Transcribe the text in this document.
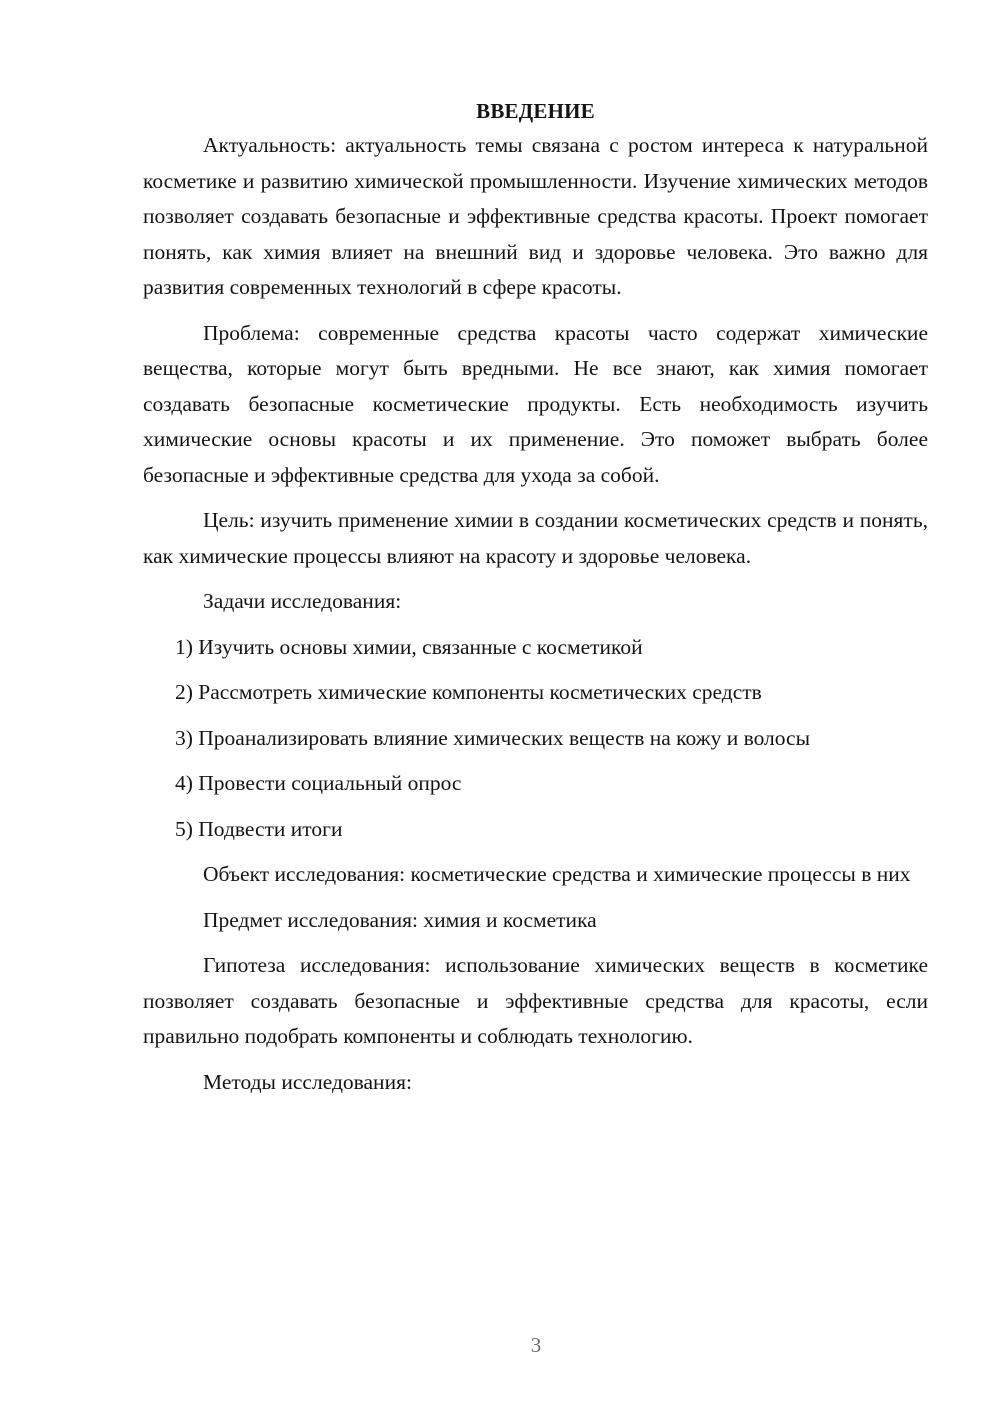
ВВЕДЕНИЕ

Актуальность: актуальность темы связана с ростом интереса к натуральной косметике и развитию химической промышленности. Изучение химических методов позволяет создавать безопасные и эффективные средства красоты. Проект помогает понять, как химия влияет на внешний вид и здоровье человека. Это важно для развития современных технологий в сфере красоты.

Проблема: современные средства красоты часто содержат химические вещества, которые могут быть вредными. Не все знают, как химия помогает создавать безопасные косметические продукты. Есть необходимость изучить химические основы красоты и их применение. Это поможет выбрать более безопасные и эффективные средства для ухода за собой.

Цель: изучить применение химии в создании косметических средств и понять, как химические процессы влияют на красоту и здоровье человека.

Задачи исследования:
1) Изучить основы химии, связанные с косметикой
2) Рассмотреть химические компоненты косметических средств
3) Проанализировать влияние химических веществ на кожу и волосы
4) Провести социальный опрос
5) Подвести итоги

Объект исследования: косметические средства и химические процессы в них

Предмет исследования: химия и косметика

Гипотеза исследования: использование химических веществ в косметике позволяет создавать безопасные и эффективные средства для красоты, если правильно подобрать компоненты и соблюдать технологию.

Методы исследования:
3
